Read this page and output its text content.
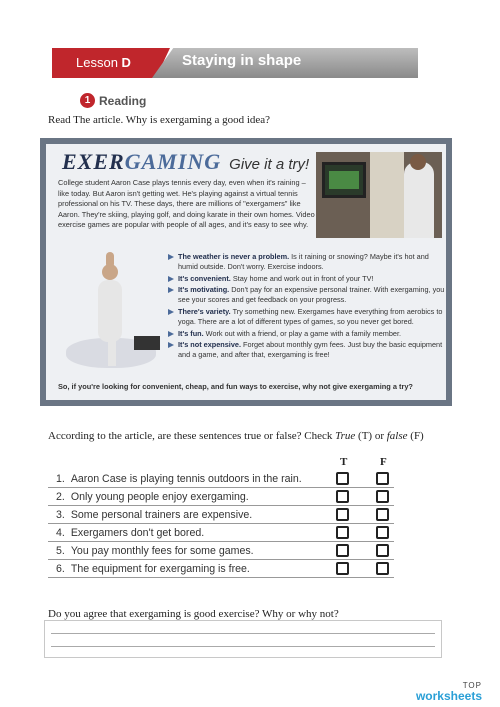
Lesson D	Staying in shape
1 Reading
Read The article. Why is exergaming a good idea?
EXERGAMING Give it a try!

College student Aaron Case plays tennis every day, even when it's raining – like today. But Aaron isn't getting wet. He's playing against a virtual tennis professional on his TV. These days, there are millions of "exergamers" like Aaron. They're skiing, playing golf, and doing karate in their own homes. Video exercise games are popular with people of all ages, and it's easy to see why.

The weather is never a problem. Is it raining or snowing? Maybe it's hot and humid outside. Don't worry. Exercise indoors.
It's convenient. Stay home and work out in front of your TV!
It's motivating. Don't pay for an expensive personal trainer. With exergaming, you see your scores and get feedback on your progress.
There's variety. Try something new. Exergames have everything from aerobics to yoga. There are a lot of different types of games, so you never get bored.
It's fun. Work out with a friend, or play a game with a family member.
It's not expensive. Forget about monthly gym fees. Just buy the basic equipment and a game, and after that, exergaming is free!

So, if you're looking for convenient, cheap, and fun ways to exercise, why not give exergaming a try?

According to the article, are these sentences true or false? Check True (T) or false (F)
T	F
1. Aaron Case is playing tennis outdoors in the rain.
2. Only young people enjoy exergaming.
3. Some personal trainers are expensive.
4. Exergamers don't get bored.
5. You pay monthly fees for some games.
6. The equipment for exergaming is free.
Do you agree that exergaming is good exercise? Why or why not?
TOP
worksheets
